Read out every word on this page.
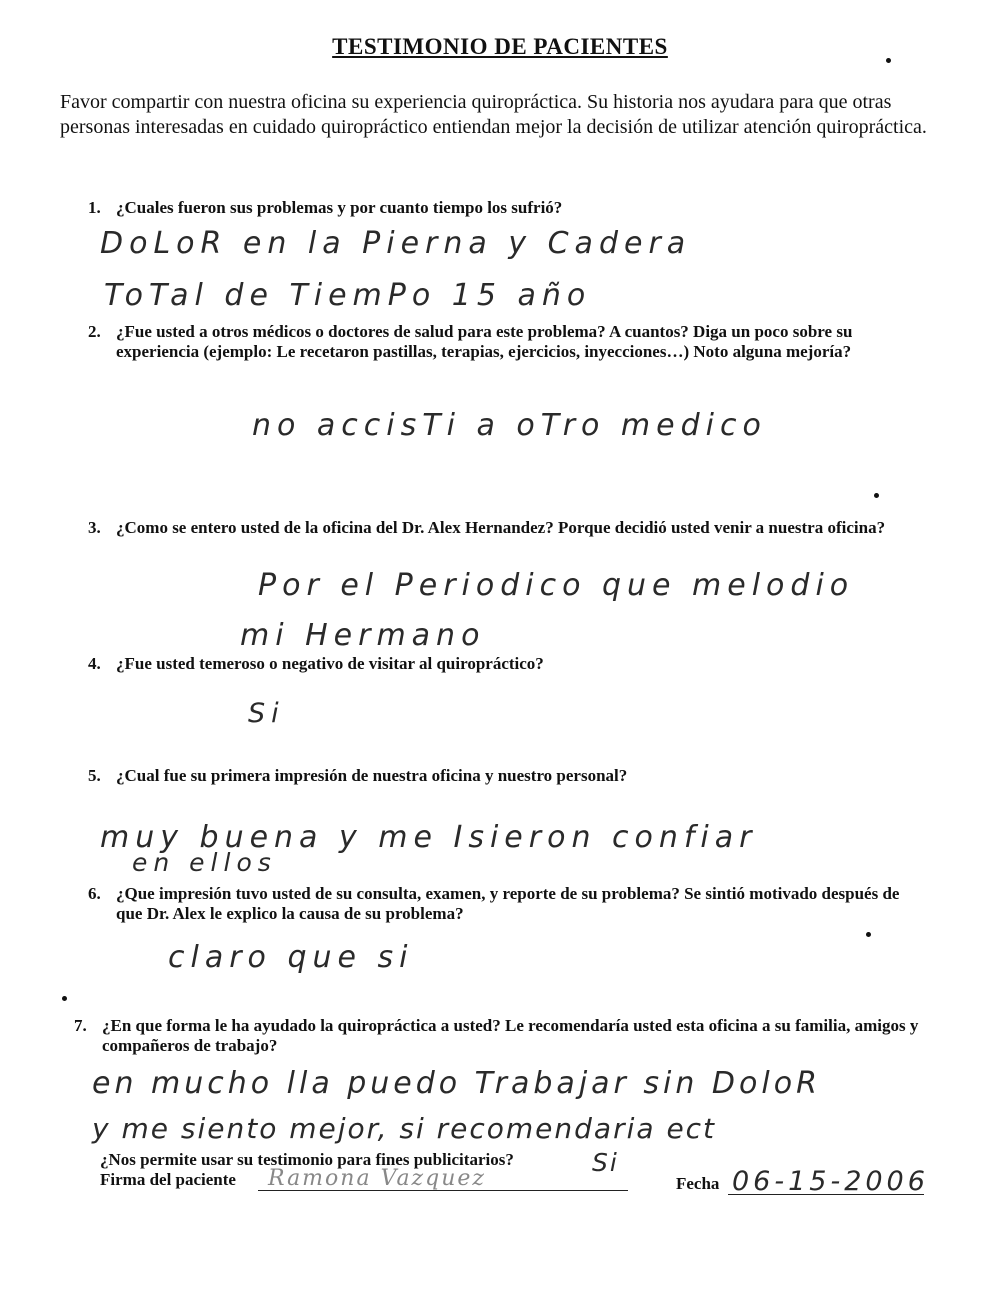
TESTIMONIO DE PACIENTES
Favor compartir con nuestra oficina su experiencia quiropráctica. Su historia nos ayudara para que otras personas interesadas en cuidado quiropráctico entiendan mejor la decisión de utilizar atención quiropráctica.
1. ¿Cuales fueron sus problemas y por cuanto tiempo los sufrió?
DoLoR en la Pierna y Cadera
ToTal de TiemPo 15 año
2. ¿Fue usted a otros médicos o doctores de salud para este problema? A cuantos? Diga un poco sobre su experiencia (ejemplo: Le recetaron pastillas, terapias, ejercicios, inyecciones…) Noto alguna mejoría?
no accisTi a oTro medico
3. ¿Como se entero usted de la oficina del Dr. Alex Hernandez? Porque decidió usted venir a nuestra oficina?
Por el Periodico que melodio
mi Hermano
4. ¿Fue usted temeroso o negativo de visitar al quiropráctico?
Si
5. ¿Cual fue su primera impresión de nuestra oficina y nuestro personal?
muy buena y me Isieron confiar
en ellos
6. ¿Que impresión tuvo usted de su consulta, examen, y reporte de su problema? Se sintió motivado después de que Dr. Alex le explico la causa de su problema?
claro que si
7. ¿En que forma le ha ayudado la quiropráctica a usted? Le recomendaría usted esta oficina a su familia, amigos y compañeros de trabajo?
en mucho lla puedo Trabajar sin DoloR
y me siento mejor, si recomendaria ect
¿Nos permite usar su testimonio para fines publicitarios?	Si
Firma del paciente Ramona Vazquez	Fecha 06-15-2006
